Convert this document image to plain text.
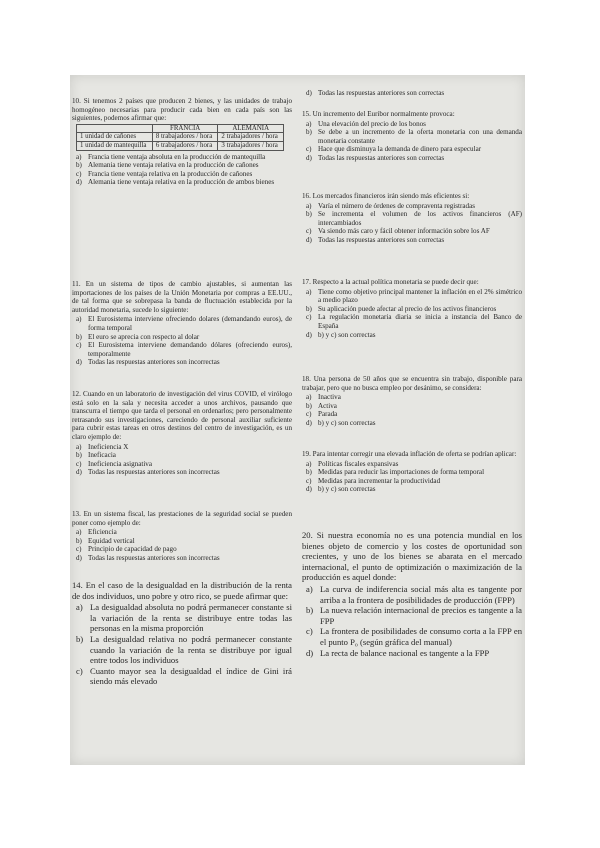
10. Si tenemos 2 países que producen 2 bienes, y las unidades de trabajo homogéneo necesarias para producir cada bien en cada país son las siguientes, podemos afirmar que:

	FRANCIA	ALEMANIA
1 unidad de cañones	8 trabajadores / hora	2 trabajadores / hora
1 unidad de mantequilla	6 trabajadores / hora	3 trabajadores / hora
a) Francia tiene ventaja absoluta en la producción de mantequilla
b) Alemania tiene ventaja relativa en la producción de cañones
c) Francia tiene ventaja relativa en la producción de cañones
d) Alemania tiene ventaja relativa en la producción de ambos bienes

11. En un sistema de tipos de cambio ajustables, si aumentan las importaciones de los países de la Unión Monetaria por compras a EE.UU., de tal forma que se sobrepasa la banda de fluctuación establecida por la autoridad monetaria, sucede lo siguiente:

a) El Eurosistema interviene ofreciendo dolares (demandando euros), de forma temporal
b) El euro se aprecia con respecto al dolar
c) El Eurosistema interviene demandando dólares (ofreciendo euros), temporalmente
d) Todas las respuestas anteriores son incorrectas

12. Cuando en un laboratorio de investigación del virus COVID, el virólogo está solo en la sala y necesita acceder a unos archivos, pausando que transcurra el tiempo que tarda el personal en ordenarlos; pero personalmente retrasando sus investigaciones, careciendo de personal auxiliar suficiente para cubrir estas tareas en otros destinos del centro de investigación, es un claro ejemplo de:

a) Ineficiencia X
b) Ineficacia
c) Ineficiencia asignativa
d) Todas las respuestas anteriores son incorrectas

13. En un sistema fiscal, las prestaciones de la seguridad social se pueden poner como ejemplo de:

a) Eficiencia
b) Equidad vertical
c) Principio de capacidad de pago
d) Todas las respuestas anteriores son incorrectas

14. En el caso de la desigualdad en la distribución de la renta de dos individuos, uno pobre y otro rico, se puede afirmar que:

a) La desigualdad absoluta no podrá permanecer constante si la variación de la renta se distribuye entre todas las personas en la misma proporción
b) La desigualdad relativa no podrá permanecer constante cuando la variación de la renta se distribuye por igual entre todos los individuos
c) Cuanto mayor sea la desigualdad el índice de Gini irá siendo más elevado
d) Todas las respuestas anteriores son correctas

15. Un incremento del Euribor normalmente provoca:

a) Una elevación del precio de los bonos
b) Se debe a un incremento de la oferta monetaria con una demanda monetaria constante
c) Hace que disminuya la demanda de dinero para especular
d) Todas las respuestas anteriores son correctas

16. Los mercados financieros irán siendo más eficientes si:

a) Varía el número de órdenes de compraventa registradas
b) Se incrementa el volumen de los activos financieros (AF) intercambiados
c) Va siendo más caro y fácil obtener información sobre los AF
d) Todas las respuestas anteriores son correctas

17. Respecto a la actual política monetaria se puede decir que:

a) Tiene como objetivo principal mantener la inflación en el 2% simétrico a medio plazo
b) Su aplicación puede afectar al precio de los activos financieros
c) La regulación monetaria diaria se inicia a instancia del Banco de España
d) b) y c) son correctas

18. Una persona de 50 años que se encuentra sin trabajo, disponible para trabajar, pero que no busca empleo por desánimo, se considera:

a) Inactiva
b) Activa
c) Parada
d) b) y c) son correctas

19. Para intentar corregir una elevada inflación de oferta se podrían aplicar:

a) Políticas fiscales expansivas
b) Medidas para reducir las importaciones de forma temporal
c) Medidas para incrementar la productividad
d) b) y c) son correctas

20. Si nuestra economía no es una potencia mundial en los bienes objeto de comercio y los costes de oportunidad son crecientes, y uno de los bienes se abarata en el mercado internacional, el punto de optimización o maximización de la producción es aquel donde:

a) La curva de indiferencia social más alta es tangente por arriba a la frontera de posibilidades de producción (FPP)
b) La nueva relación internacional de precios es tangente a la FPP
c) La frontera de posibilidades de consumo corta a la FPP en el punto P₀ (según gráfica del manual)
d) La recta de balance nacional es tangente a la FPP
